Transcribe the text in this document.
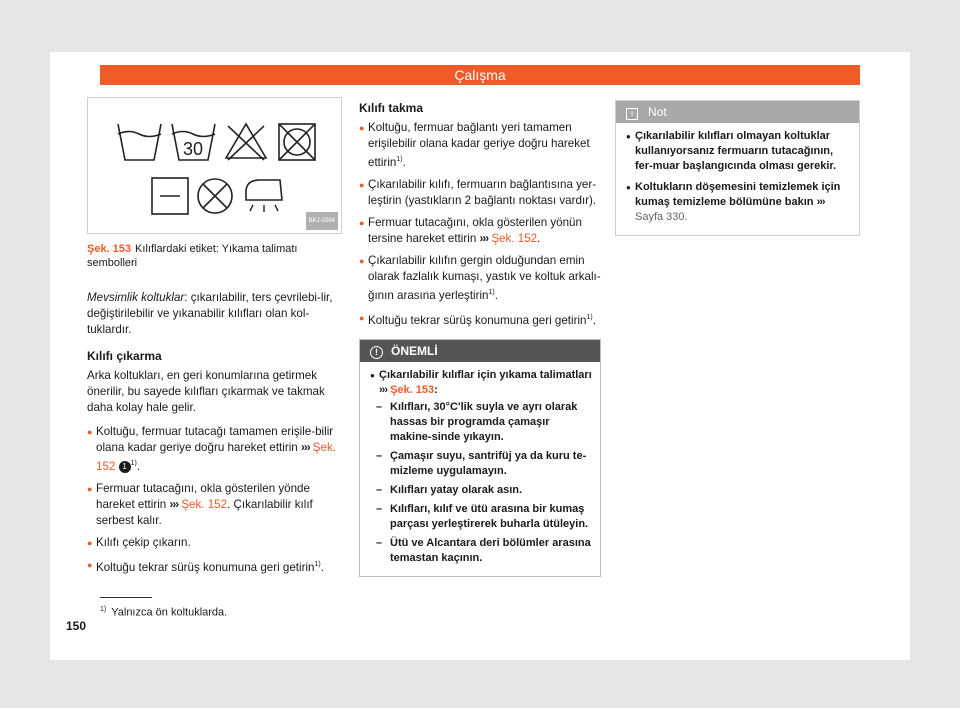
Çalışma
30
BKJ-0264
Şek. 153 Kılıflardaki etiket: Yıkama talimatı sembolleri

Mevsimlik koltuklar: çıkarılabilir, ters çevrilebi-lir, değiştirilebilir ve yıkanabilir kılıfları olan kol-tuklardır.

Kılıfı çıkarma

Arka koltukları, en geri konumlarına getirmek önerilir, bu sayede kılıfları çıkarmak ve takmak daha kolay hale gelir.

● Koltuğu, fermuar tutacağı tamamen erişile-bilir olana kadar geriye doğru hareket ettirin ››› Şek. 152 1 $^{1)}$.
● Fermuar tutacağını, okla gösterilen yönde hareket ettirin ››› Şek. 152. Çıkarılabilir kılıf serbest kalır.
● Kılıfı çekip çıkarın.
● Koltuğu tekrar sürüş konumuna geri getirin$^{1)}$.
Kılıfı takma
● Koltuğu, fermuar bağlantı yeri tamamen erişilebilir olana kadar geriye doğru hareket ettirin$^{1)}$.
● Çıkarılabilir kılıfı, fermuarın bağlantısına yer-leştirin (yastıkların 2 bağlantı noktası vardır).
● Fermuar tutacağını, okla gösterilen yönün tersine hareket ettirin ››› Şek. 152.
● Çıkarılabilir kılıfın gergin olduğundan emin olarak fazlalık kumaşı, yastık ve koltuk arkalı-ğının arasına yerleştirin$^{1)}$.
● Koltuğu tekrar sürüş konumuna geri getirin$^{1)}$.
! ÖNEMLİ
● Çıkarılabilir kılıflar için yıkama talimatları ››› Şek. 153:
– Kılıfları, 30°C'lik suyla ve ayrı olarak hassas bir programda çamaşır makine-sinde yıkayın.
– Çamaşır suyu, santrifüj ya da kuru te-mizleme uygulamayın.
– Kılıfları yatay olarak asın.
– Kılıfları, kılıf ve ütü arasına bir kumaş parçası yerleştirerek buharla ütüleyin.
– Ütü ve Alcantara deri bölümler arasına temastan kaçının.
i Not
● Çıkarılabilir kılıfları olmayan koltuklar kullanıyorsanız fermuarın tutacağının, fer-muar başlangıcında olması gerekir.
● Koltukların döşemesini temizlemek için kumaş temizleme bölümüne bakın ››› Sayfa 330.
$^{1)}$ Yalnızca ön koltuklarda.
150
